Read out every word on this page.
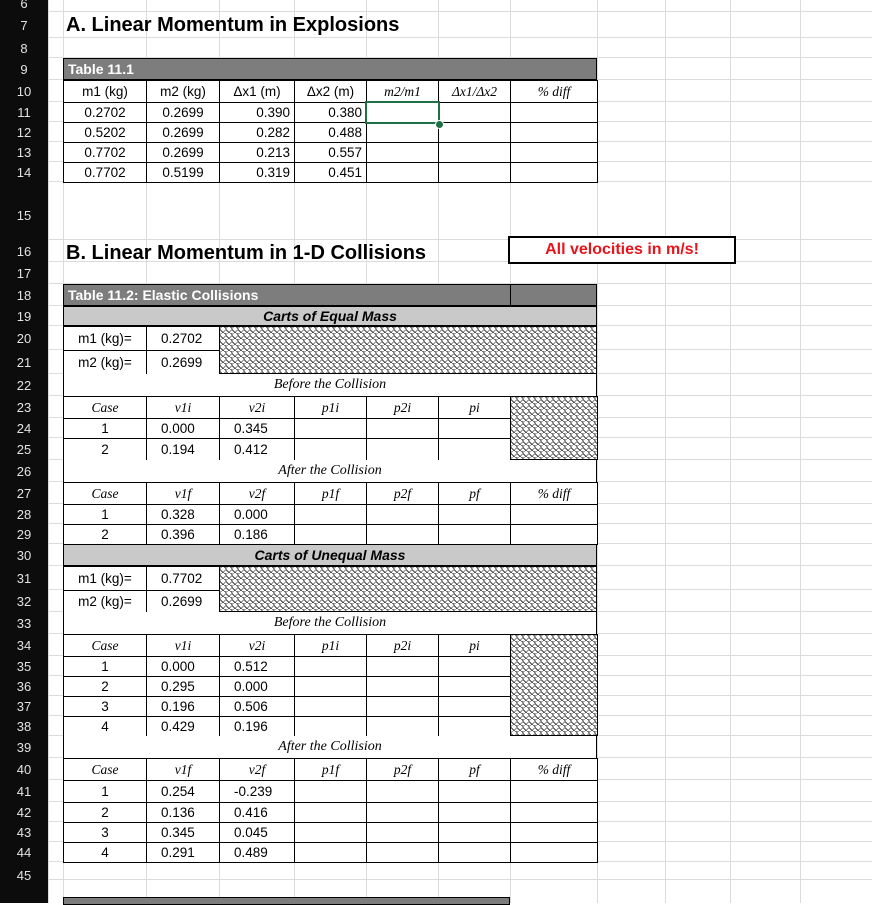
6
7
8
9
10
11
12
13
14
15
16
17
18
19
20
21
22
23
24
25
26
27
28
29
30
31
32
33
34
35
36
37
38
39
40
41
42
43
44
45
A. Linear Momentum in Explosions
Table 11.1
m1 (kg)	m2 (kg)	Δx1 (m)	Δx2 (m)	m2/m1	Δx1/Δx2	% diff
0.2702	0.2699	0.390	0.380
0.5202	0.2699	0.282	0.488
0.7702	0.2699	0.213	0.557
0.7702	0.5199	0.319	0.451
B. Linear Momentum in 1-D Collisions	All velocities in m/s!
Table 11.2: Elastic Collisions
Carts of Equal Mass
m1 (kg)=	0.2702
m2 (kg)=	0.2699
Before the Collision
Case	v1i	v2i	p1i	p2i	pi
1	0.000	0.345
2	0.194	0.412
After the Collision
Case	v1f	v2f	p1f	p2f	pf	% diff
1	0.328	0.000
2	0.396	0.186
Carts of Unequal Mass
m1 (kg)=	0.7702
m2 (kg)=	0.2699
Before the Collision
Case	v1i	v2i	p1i	p2i	pi
1	0.000	0.512
2	0.295	0.000
3	0.196	0.506
4	0.429	0.196
After the Collision
Case	v1f	v2f	p1f	p2f	pf	% diff
1	0.254	-0.239
2	0.136	0.416
3	0.345	0.045
4	0.291	0.489
